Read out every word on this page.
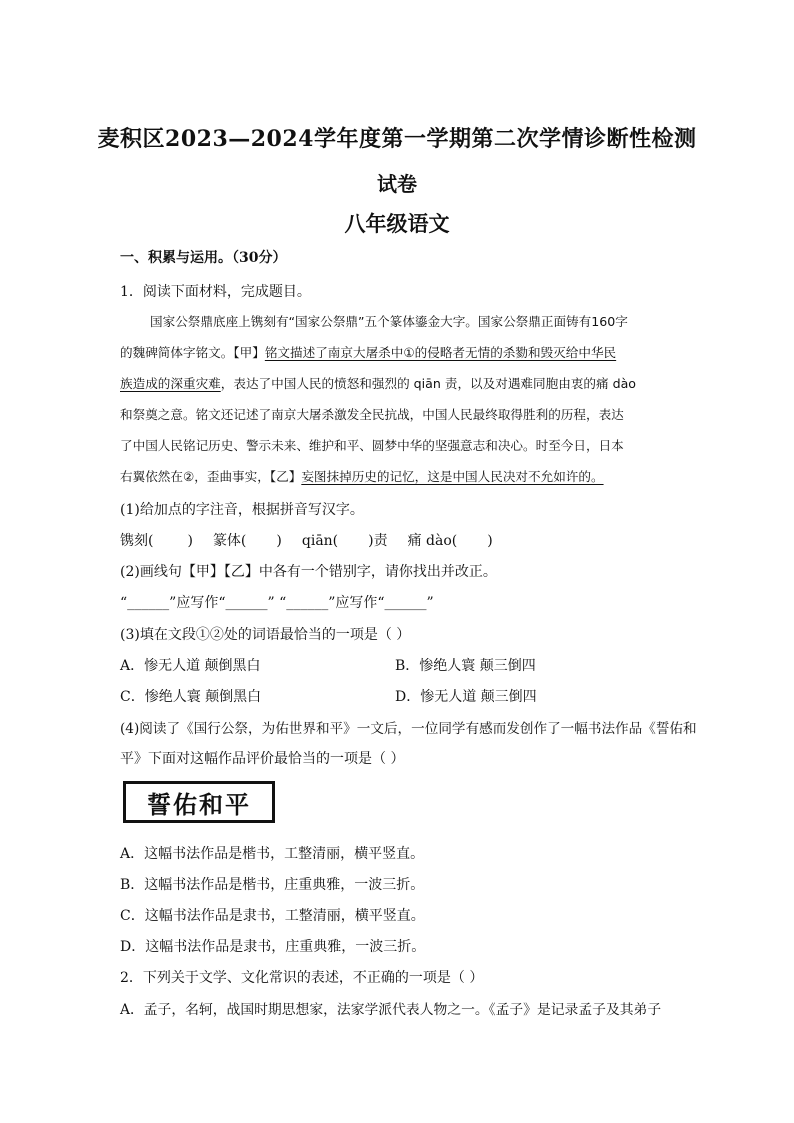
麦积区2023—2024学年度第一学期第二次学情诊断性检测
试卷
八年级语文
一、积累与运用。（30分）
1．阅读下面材料，完成题目。
国家公祭鼎底座上镌刻有“国家公祭鼎”五个篆体鎏金大字。国家公祭鼎正面铸有160字
的魏碑简体字铭文。【甲】铭文描述了南京大屠杀中①的侵略者无情的杀勠和毁灭给中华民
族造成的深重灾难，表达了中国人民的愤怒和强烈的 qiān 责，以及对遇难同胞由衷的痛 dào
和祭奠之意。铭文还记述了南京大屠杀激发全民抗战，中国人民最终取得胜利的历程，表达
了中国人民铭记历史、警示未来、维护和平、圆梦中华的坚强意志和决心。时至今日，日本
右翼依然在②，歪曲事实，【乙】妄图抹掉历史的记忆，这是中国人民决对不允如许的。
(1)给加点的字注音，根据拼音写汉字。
镌刻( ) 篆体( ) qiān( )责 痛 dào( )
(2)画线句【甲】【乙】中各有一个错别字，请你找出并改正。
“______”应写作“______” “______”应写作“______”
(3)填在文段①②处的词语最恰当的一项是（ ）
A．惨无人道 颠倒黑白	B．惨绝人寰 颠三倒四
C．惨绝人寰 颠倒黑白	D．惨无人道 颠三倒四
(4)阅读了《国行公祭，为佑世界和平》一文后，一位同学有感而发创作了一幅书法作品《誓佑和
平》下面对这幅作品评价最恰当的一项是（ ）
誓佑和平
A．这幅书法作品是楷书，工整清丽，横平竖直。
B．这幅书法作品是楷书，庄重典雅，一波三折。
C．这幅书法作品是隶书，工整清丽，横平竖直。
D．这幅书法作品是隶书，庄重典雅，一波三折。
2．下列关于文学、文化常识的表述，不正确的一项是（ ）
A．孟子，名轲，战国时期思想家，法家学派代表人物之一。《孟子》是记录孟子及其弟子
